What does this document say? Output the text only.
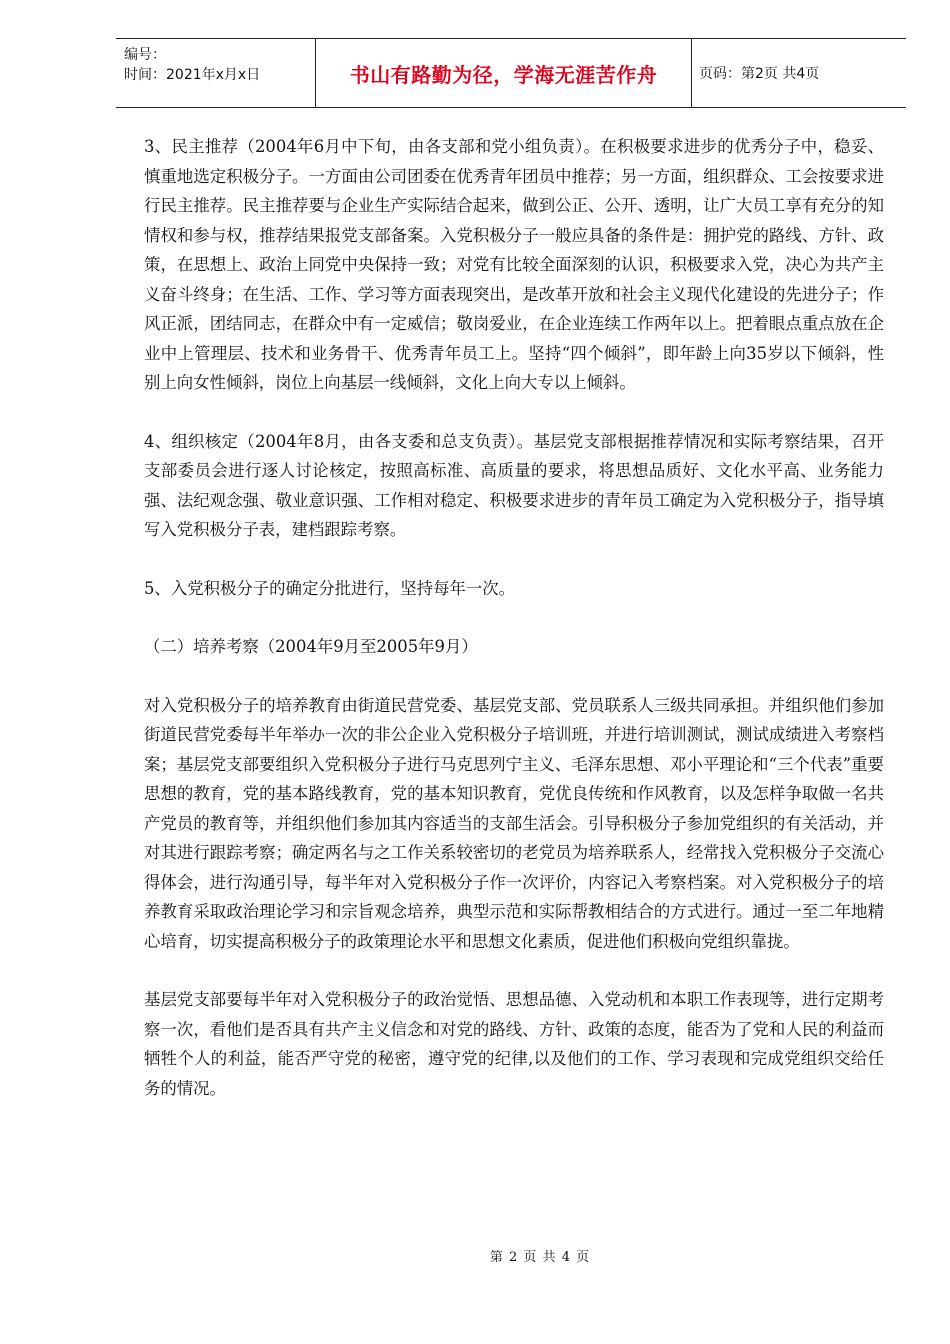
编号：
时间：2021年x月x日	书山有路勤为径，学海无涯苦作舟	页码：第2页 共4页

3、民主推荐（2004年6月中下旬，由各支部和党小组负责）。在积极要求进步的优秀分子中，稳妥、慎重地选定积极分子。一方面由公司团委在优秀青年团员中推荐；另一方面，组织群众、工会按要求进行民主推荐。民主推荐要与企业生产实际结合起来，做到公正、公开、透明，让广大员工享有充分的知情权和参与权，推荐结果报党支部备案。入党积极分子一般应具备的条件是：拥护党的路线、方针、政策，在思想上、政治上同党中央保持一致；对党有比较全面深刻的认识，积极要求入党，决心为共产主义奋斗终身；在生活、工作、学习等方面表现突出，是改革开放和社会主义现代化建设的先进分子；作风正派，团结同志，在群众中有一定威信；敬岗爱业，在企业连续工作两年以上。把着眼点重点放在企业中上管理层、技术和业务骨干、优秀青年员工上。坚持“四个倾斜”，即年龄上向35岁以下倾斜，性别上向女性倾斜，岗位上向基层一线倾斜，文化上向大专以上倾斜。

4、组织核定（2004年8月，由各支委和总支负责）。基层党支部根据推荐情况和实际考察结果，召开支部委员会进行逐人讨论核定，按照高标准、高质量的要求，将思想品质好、文化水平高、业务能力强、法纪观念强、敬业意识强、工作相对稳定、积极要求进步的青年员工确定为入党积极分子，指导填写入党积极分子表，建档跟踪考察。

5、入党积极分子的确定分批进行，坚持每年一次。

（二）培养考察（2004年9月至2005年9月）

对入党积极分子的培养教育由街道民营党委、基层党支部、党员联系人三级共同承担。并组织他们参加街道民营党委每半年举办一次的非公企业入党积极分子培训班，并进行培训测试，测试成绩进入考察档案；基层党支部要组织入党积极分子进行马克思列宁主义、毛泽东思想、邓小平理论和“三个代表”重要思想的教育，党的基本路线教育，党的基本知识教育，党优良传统和作风教育，以及怎样争取做一名共产党员的教育等，并组织他们参加其内容适当的支部生活会。引导积极分子参加党组织的有关活动，并对其进行跟踪考察；确定两名与之工作关系较密切的老党员为培养联系人，经常找入党积极分子交流心得体会，进行沟通引导，每半年对入党积极分子作一次评价，内容记入考察档案。对入党积极分子的培养教育采取政治理论学习和宗旨观念培养，典型示范和实际帮教相结合的方式进行。通过一至二年地精心培育，切实提高积极分子的政策理论水平和思想文化素质，促进他们积极向党组织靠拢。

基层党支部要每半年对入党积极分子的政治觉悟、思想品德、入党动机和本职工作表现等，进行定期考察一次，看他们是否具有共产主义信念和对党的路线、方针、政策的态度，能否为了党和人民的利益而牺牲个人的利益，能否严守党的秘密，遵守党的纪律,以及他们的工作、学习表现和完成党组织交给任务的情况。

第 2 页 共 4 页
